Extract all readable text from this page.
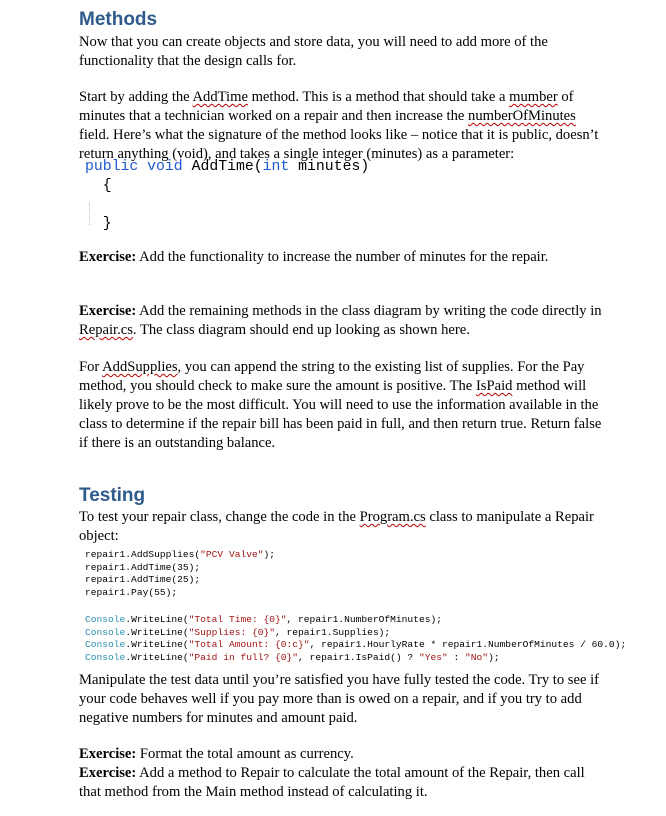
Methods

Now that you can create objects and store data, you will need to add more of the
functionality that the design calls for.

Start by adding the AddTime method. This is a method that should take a mumber of
minutes that a technician worked on a repair and then increase the numberOfMinutes
field. Here’s what the signature of the method looks like – notice that it is public, doesn’t
return anything (void), and takes a single integer (minutes) as a parameter:

public void AddTime(int minutes)
{

}

Exercise: Add the functionality to increase the number of minutes for the repair.

Exercise: Add the remaining methods in the class diagram by writing the code directly in
Repair.cs. The class diagram should end up looking as shown here.

For AddSupplies, you can append the string to the existing list of supplies. For the Pay
method, you should check to make sure the amount is positive. The IsPaid method will
likely prove to be the most difficult. You will need to use the information available in the
class to determine if the repair bill has been paid in full, and then return true. Return false
if there is an outstanding balance.

Testing

To test your repair class, change the code in the Program.cs class to manipulate a Repair
object:

repair1.AddSupplies("PCV Valve");
repair1.AddTime(35);
repair1.AddTime(25);
repair1.Pay(55);
Console.WriteLine("Total Time: {0}", repair1.NumberOfMinutes);
Console.WriteLine("Supplies: {0}", repair1.Supplies);
Console.WriteLine("Total Amount: {0:c}", repair1.HourlyRate * repair1.NumberOfMinutes / 60.0);
Console.WriteLine("Paid in full? {0}", repair1.IsPaid() ? "Yes" : "No");

Manipulate the test data until you’re satisfied you have fully tested the code. Try to see if
your code behaves well if you pay more than is owed on a repair, and if you try to add
negative numbers for minutes and amount paid.

Exercise: Format the total amount as currency.
Exercise: Add a method to Repair to calculate the total amount of the Repair, then call
that method from the Main method instead of calculating it.
